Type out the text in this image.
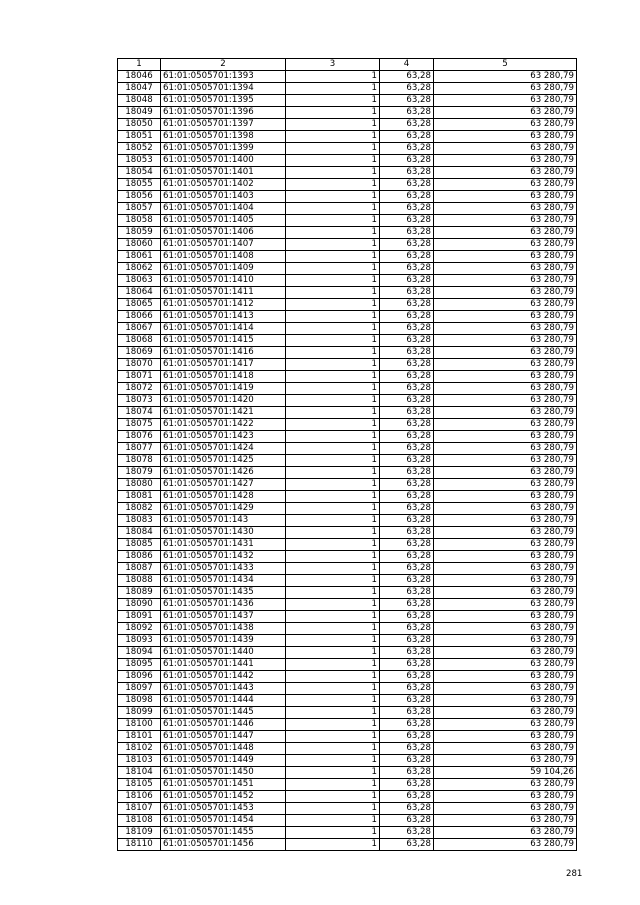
1	2	3	4	5
18046	61:01:0505701:1393	1	63,28	63 280,79
18047	61:01:0505701:1394	1	63,28	63 280,79
18048	61:01:0505701:1395	1	63,28	63 280,79
18049	61:01:0505701:1396	1	63,28	63 280,79
18050	61:01:0505701:1397	1	63,28	63 280,79
18051	61:01:0505701:1398	1	63,28	63 280,79
18052	61:01:0505701:1399	1	63,28	63 280,79
18053	61:01:0505701:1400	1	63,28	63 280,79
18054	61:01:0505701:1401	1	63,28	63 280,79
18055	61:01:0505701:1402	1	63,28	63 280,79
18056	61:01:0505701:1403	1	63,28	63 280,79
18057	61:01:0505701:1404	1	63,28	63 280,79
18058	61:01:0505701:1405	1	63,28	63 280,79
18059	61:01:0505701:1406	1	63,28	63 280,79
18060	61:01:0505701:1407	1	63,28	63 280,79
18061	61:01:0505701:1408	1	63,28	63 280,79
18062	61:01:0505701:1409	1	63,28	63 280,79
18063	61:01:0505701:1410	1	63,28	63 280,79
18064	61:01:0505701:1411	1	63,28	63 280,79
18065	61:01:0505701:1412	1	63,28	63 280,79
18066	61:01:0505701:1413	1	63,28	63 280,79
18067	61:01:0505701:1414	1	63,28	63 280,79
18068	61:01:0505701:1415	1	63,28	63 280,79
18069	61:01:0505701:1416	1	63,28	63 280,79
18070	61:01:0505701:1417	1	63,28	63 280,79
18071	61:01:0505701:1418	1	63,28	63 280,79
18072	61:01:0505701:1419	1	63,28	63 280,79
18073	61:01:0505701:1420	1	63,28	63 280,79
18074	61:01:0505701:1421	1	63,28	63 280,79
18075	61:01:0505701:1422	1	63,28	63 280,79
18076	61:01:0505701:1423	1	63,28	63 280,79
18077	61:01:0505701:1424	1	63,28	63 280,79
18078	61:01:0505701:1425	1	63,28	63 280,79
18079	61:01:0505701:1426	1	63,28	63 280,79
18080	61:01:0505701:1427	1	63,28	63 280,79
18081	61:01:0505701:1428	1	63,28	63 280,79
18082	61:01:0505701:1429	1	63,28	63 280,79
18083	61:01:0505701:143	1	63,28	63 280,79
18084	61:01:0505701:1430	1	63,28	63 280,79
18085	61:01:0505701:1431	1	63,28	63 280,79
18086	61:01:0505701:1432	1	63,28	63 280,79
18087	61:01:0505701:1433	1	63,28	63 280,79
18088	61:01:0505701:1434	1	63,28	63 280,79
18089	61:01:0505701:1435	1	63,28	63 280,79
18090	61:01:0505701:1436	1	63,28	63 280,79
18091	61:01:0505701:1437	1	63,28	63 280,79
18092	61:01:0505701:1438	1	63,28	63 280,79
18093	61:01:0505701:1439	1	63,28	63 280,79
18094	61:01:0505701:1440	1	63,28	63 280,79
18095	61:01:0505701:1441	1	63,28	63 280,79
18096	61:01:0505701:1442	1	63,28	63 280,79
18097	61:01:0505701:1443	1	63,28	63 280,79
18098	61:01:0505701:1444	1	63,28	63 280,79
18099	61:01:0505701:1445	1	63,28	63 280,79
18100	61:01:0505701:1446	1	63,28	63 280,79
18101	61:01:0505701:1447	1	63,28	63 280,79
18102	61:01:0505701:1448	1	63,28	63 280,79
18103	61:01:0505701:1449	1	63,28	63 280,79
18104	61:01:0505701:1450	1	63,28	59 104,26
18105	61:01:0505701:1451	1	63,28	63 280,79
18106	61:01:0505701:1452	1	63,28	63 280,79
18107	61:01:0505701:1453	1	63,28	63 280,79
18108	61:01:0505701:1454	1	63,28	63 280,79
18109	61:01:0505701:1455	1	63,28	63 280,79
18110	61:01:0505701:1456	1	63,28	63 280,79
281
